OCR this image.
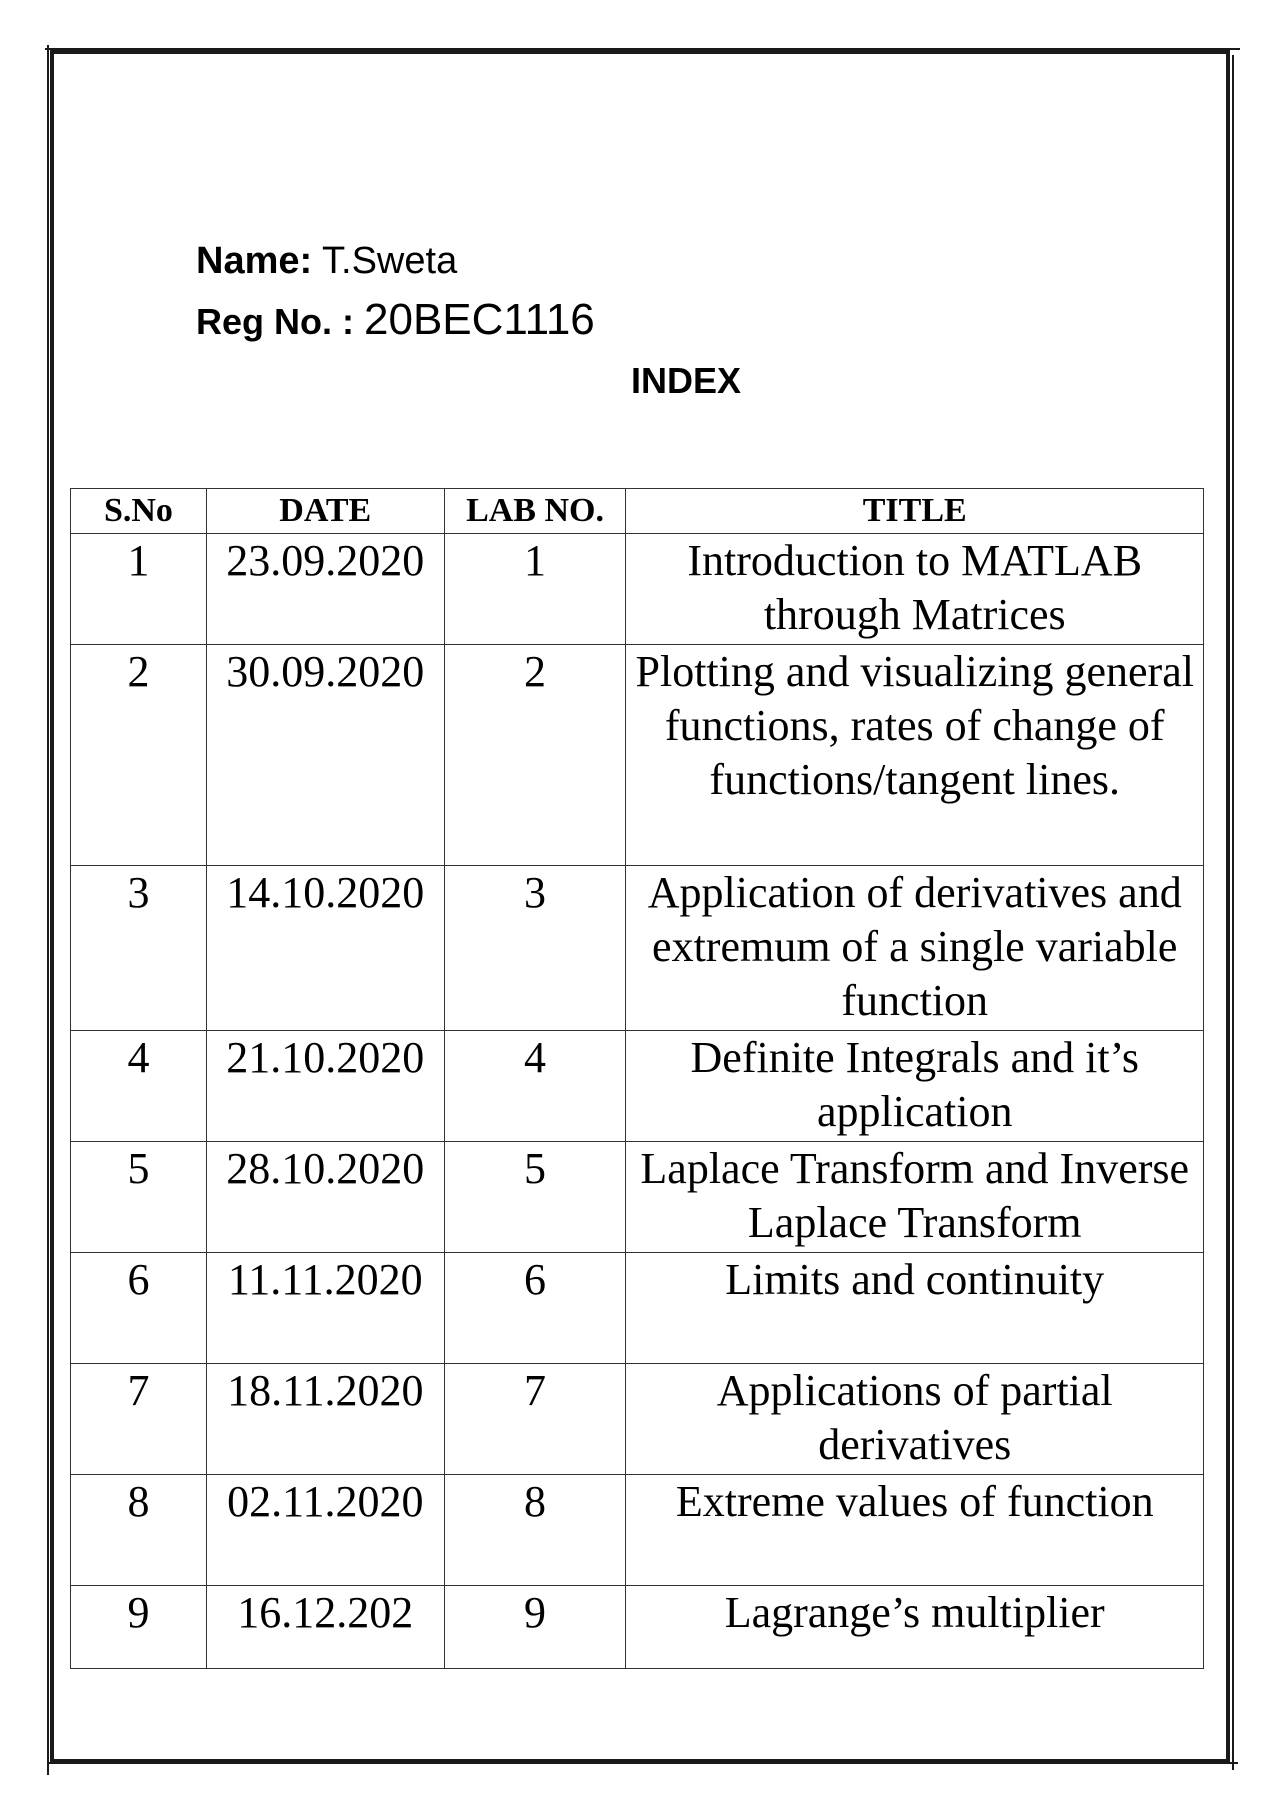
Name: T.Sweta
Reg No. : 20BEC1116
INDEX
S.No	DATE	LAB NO.	TITLE
1	23.09.2020	1	Introduction to MATLAB through Matrices
2	30.09.2020	2	Plotting and visualizing general functions, rates of change of functions/tangent lines.
3	14.10.2020	3	Application of derivatives and extremum of a single variable function
4	21.10.2020	4	Definite Integrals and it’s application
5	28.10.2020	5	Laplace Transform and Inverse Laplace Transform
6	11.11.2020	6	Limits and continuity
7	18.11.2020	7	Applications of partial derivatives
8	02.11.2020	8	Extreme values of function
9	16.12.202	9	Lagrange’s multiplier
